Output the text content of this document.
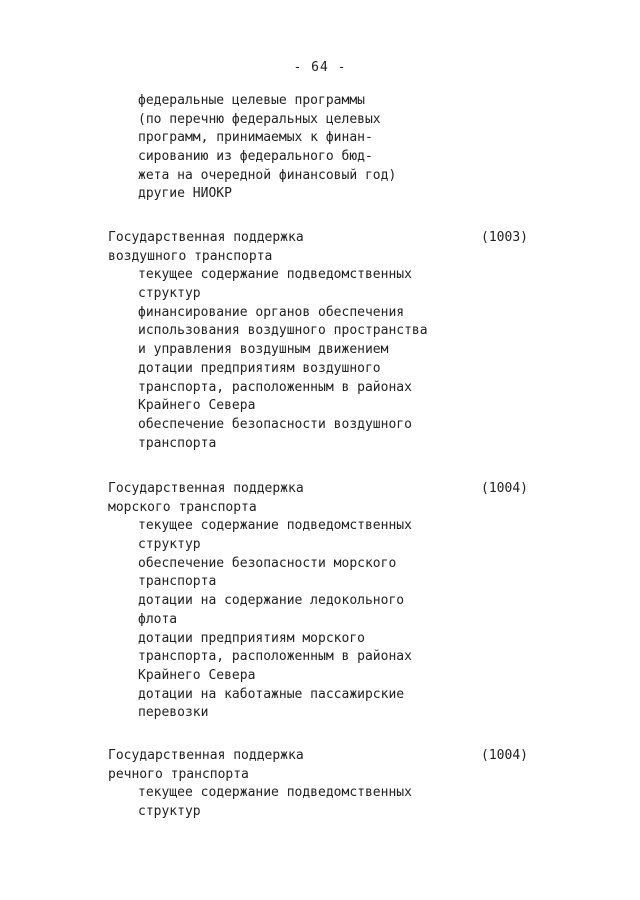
- 64 -
федеральные целевые программы
(по перечню федеральных целевых
программ, принимаемых к финан-
сированию из федерального бюд-
жета на очередной финансовый год)
другие НИОКР
(1003)
Государственная поддержка
воздушного транспорта
текущее содержание подведомственных
структур
финансирование органов обеспечения
использования воздушного пространства
и управления воздушным движением
дотации предприятиям воздушного
транспорта, расположенным в районах
Крайнего Севера
обеспечение безопасности воздушного
транспорта
(1004)
Государственная поддержка
морского транспорта
текущее содержание подведомственных
структур
обеспечение безопасности морского
транспорта
дотации на содержание ледокольного
флота
дотации предприятиям морского
транспорта, расположенным в районах
Крайнего Севера
дотации на каботажные пассажирские
перевозки
(1004)
Государственная поддержка
речного транспорта
текущее содержание подведомственных
структур
